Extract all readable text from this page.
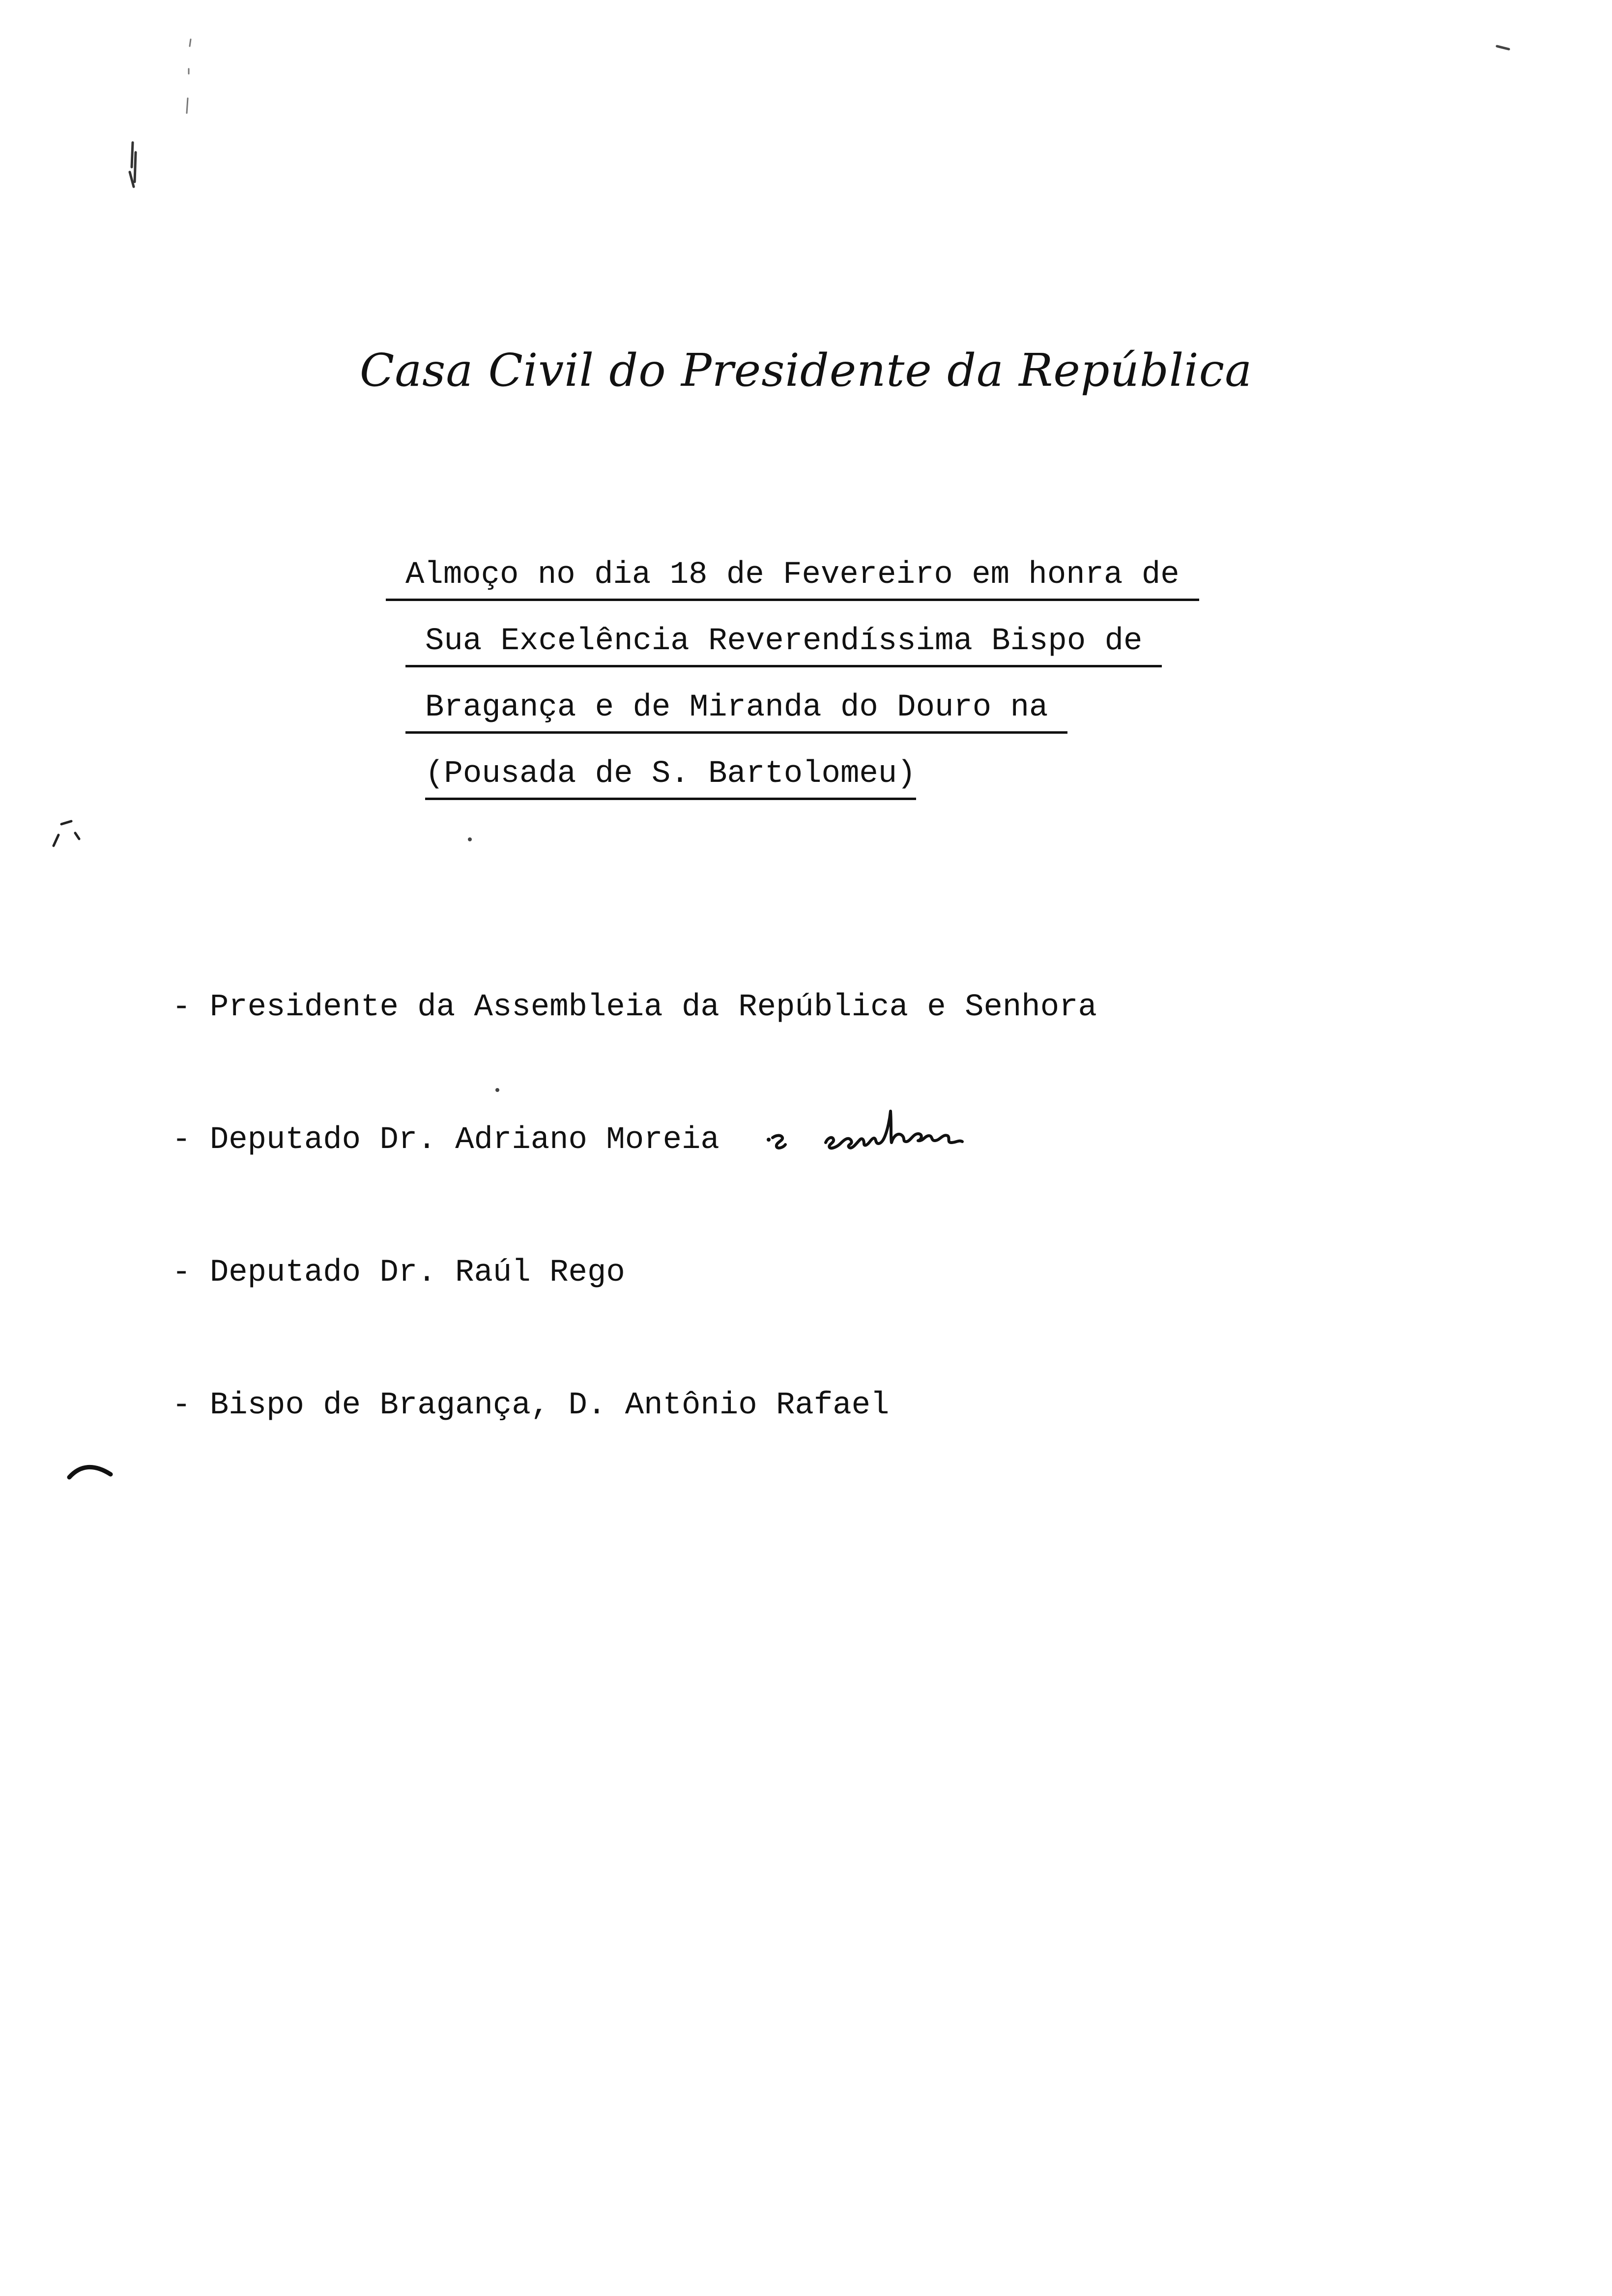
Casa Civil do Presidente da República
Almoço no dia 18 de Fevereiro em honra de
Sua Excelência Reverendíssima Bispo de
Bragança e de Miranda do Douro na
(Pousada de S. Bartolomeu)
- Presidente da Assembleia da República e Senhora
- Deputado Dr. Adriano Moreia
- Deputado Dr. Raúl Rego
- Bispo de Bragança, D. Antônio Rafael
